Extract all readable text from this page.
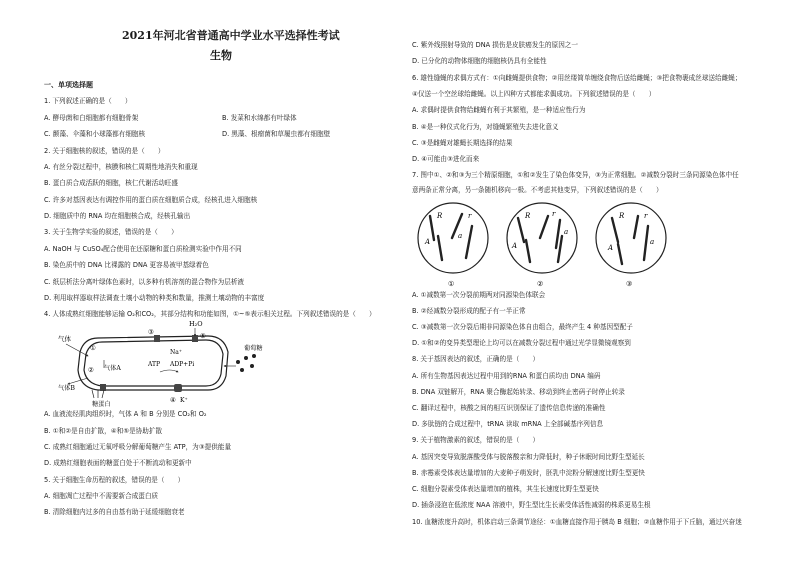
2021年河北省普通高中学业水平选择性考试
生物
一、单项选择题
1. 下列叙述正确的是（　　）
A. 酵母菌和白细胞都有细胞骨架	B. 发菜和水绵都有叶绿体
C. 颤藻、伞藻和小球藻都有细胞核	D. 黑藻、根瘤菌和草履虫都有细胞壁
2. 关于细胞核的叙述，错误的是（　　）
A. 有丝分裂过程中，核膜和核仁周期性地消失和重现
B. 蛋白质合成活跃的细胞，核仁代谢活动旺盛
C. 许多对基因表达有调控作用的蛋白质在细胞质合成，经核孔进入细胞核
D. 细胞质中的 RNA 均在细胞核合成，经核孔输出
3. 关于生物学实验的叙述，错误的是（　　）
A. NaOH 与 CuSO₄配合使用在还原糖和蛋白质检测实验中作用不同
B. 染色质中的 DNA 比裸露的 DNA 更容易被甲基绿着色
C. 纸层析法分离叶绿体色素时，以多种有机溶剂的混合物作为层析液
D. 利用取样器取样法调查土壤小动物的种类和数量，推测土壤动物的丰富度
4. 人体成熟红细胞能够运输 O₂和CO₂，其部分结构和功能如图，①~⑤表示相关过程。下列叙述错误的是（　　）
H₂O
⑤
气体
①
气体A
②
气体B
③
糖蛋白
Na⁺
ATP ADP+Pi
K⁺
④
葡萄糖
A. 血液流经肌肉组织时，气体 A 和 B 分别是 CO₂和 O₂
B. ①和②是自由扩散，④和⑤是协助扩散
C. 成熟红细胞通过无氧呼吸分解葡萄糖产生 ATP，为③提供能量
D. 成熟红细胞表面的糖蛋白处于不断流动和更新中
5. 关于细胞生命历程的叙述，错误的是（　　）
A. 细胞凋亡过程中不需要新合成蛋白质
B. 清除细胞内过多的自由基有助于延缓细胞衰老
C. 紫外线照射导致的 DNA 损伤是皮肤癌发生的原因之一
D. 已分化的动物体细胞的细胞核仍具有全能性
6. 雄性缝蝇的求偶方式有：①向雌蝇提供食物；②用丝缕简单缠绕食物后送给雌蝇；③把食物裹成丝球送给雌蝇；
④仅送一个空丝球给雌蝇。以上四种方式都能求偶成功。下列叙述错误的是（　　）
A. 求偶时提供食物给雌蝇有利于其繁殖，是一种适应性行为
B. ④是一种仪式化行为，对缝蝇繁殖失去进化意义
C. ③是雌蝇对雄蝇长期选择的结果
D. ④可能由③进化而来
7. 图中①、②和③为三个精原细胞，①和②发生了染色体变异，③为正常细胞。②减数分裂时三条同源染色体中任
意两条正常分离，另一条随机移向一极。不考虑其他变异，下列叙述错误的是（　　）
R	r
a
A
R	r
a
A
R	r
A
a
①	②	③
A. ①减数第一次分裂前期两对同源染色体联会
B. ②经减数分裂形成的配子有一半正常
C. ③减数第一次分裂后期非同源染色体自由组合，最终产生 4 种基因型配子
D. ①和②的变异类型理论上均可以在减数分裂过程中通过光学显微镜观察到
8. 关于基因表达的叙述，正确的是（　　）
A. 所有生物基因表达过程中用到的RNA 和蛋白质均由 DNA 编码
B. DNA 双链解开，RNA 聚合酶起始转录、移动到终止密码子时停止转录
C. 翻译过程中，核酸之间的相互识别保证了遗传信息传递的准确性
D. 多肽链的合成过程中，tRNA 读取 mRNA 上全部碱基序列信息
9. 关于植物激素的叙述，错误的是（　　）
A. 基因突变导致脱落酸受体与脱落酸亲和力降低时，种子休眠时间比野生型延长
B. 赤霉素受体表达量增加的大麦种子萌发时，胚乳中淀粉分解速度比野生型更快
C. 细胞分裂素受体表达量增加的植株，其生长速度比野生型更快
D. 插条浸泡在低浓度 NAA 溶液中，野生型比生长素受体活性减弱的株系更易生根
10. 血糖浓度升高时，机体启动三条调节途径：①血糖直接作用于胰岛 B 细胞；②血糖作用于下丘脑，通过兴奋迷
